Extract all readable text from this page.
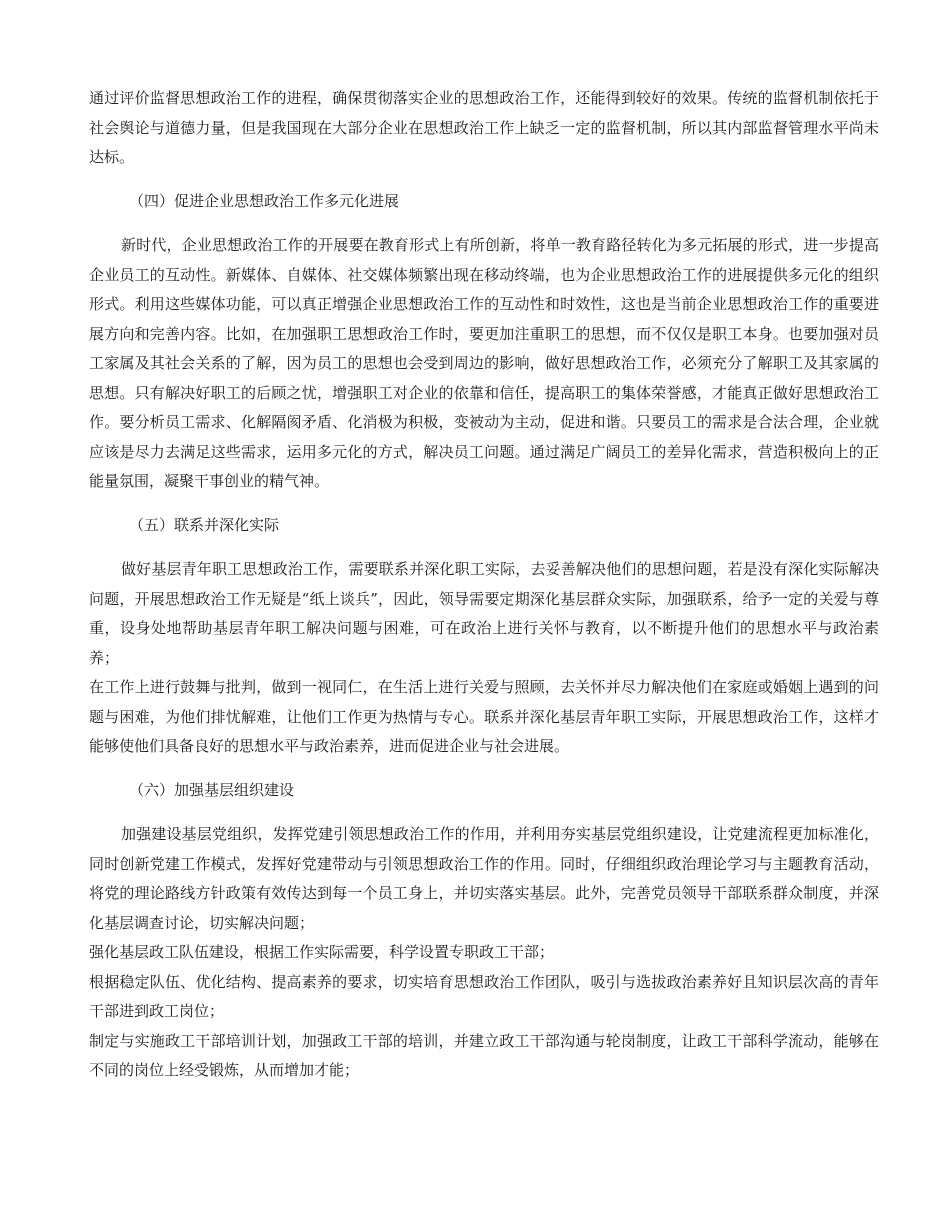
通过评价监督思想政治工作的进程，确保贯彻落实企业的思想政治工作，还能得到较好的效果。传统的监督机制依托于社会舆论与道德力量，但是我国现在大部分企业在思想政治工作上缺乏一定的监督机制，所以其内部监督管理水平尚未达标。

（四）促进企业思想政治工作多元化进展

新时代，企业思想政治工作的开展要在教育形式上有所创新，将单一教育路径转化为多元拓展的形式，进一步提高企业员工的互动性。新媒体、自媒体、社交媒体频繁出现在移动终端，也为企业思想政治工作的进展提供多元化的组织形式。利用这些媒体功能，可以真正增强企业思想政治工作的互动性和时效性，这也是当前企业思想政治工作的重要进展方向和完善内容。比如，在加强职工思想政治工作时，要更加注重职工的思想，而不仅仅是职工本身。也要加强对员工家属及其社会关系的了解，因为员工的思想也会受到周边的影响，做好思想政治工作，必须充分了解职工及其家属的思想。只有解决好职工的后顾之忧，增强职工对企业的依靠和信任，提高职工的集体荣誉感，才能真正做好思想政治工作。要分析员工需求、化解隔阂矛盾、化消极为积极，变被动为主动，促进和谐。只要员工的需求是合法合理，企业就应该是尽力去满足这些需求，运用多元化的方式，解决员工问题。通过满足广阔员工的差异化需求，营造积极向上的正能量氛围，凝聚干事创业的精气神。

（五）联系并深化实际

做好基层青年职工思想政治工作，需要联系并深化职工实际，去妥善解决他们的思想问题，若是没有深化实际解决问题，开展思想政治工作无疑是“纸上谈兵”，因此，领导需要定期深化基层群众实际，加强联系，给予一定的关爱与尊重，设身处地帮助基层青年职工解决问题与困难，可在政治上进行关怀与教育，以不断提升他们的思想水平与政治素养；

在工作上进行鼓舞与批判，做到一视同仁，在生活上进行关爱与照顾，去关怀并尽力解决他们在家庭或婚姻上遇到的问题与困难，为他们排忧解难，让他们工作更为热情与专心。联系并深化基层青年职工实际，开展思想政治工作，这样才能够使他们具备良好的思想水平与政治素养，进而促进企业与社会进展。

（六）加强基层组织建设

加强建设基层党组织，发挥党建引领思想政治工作的作用，并利用夯实基层党组织建设，让党建流程更加标准化，同时创新党建工作模式，发挥好党建带动与引领思想政治工作的作用。同时，仔细组织政治理论学习与主题教育活动，将党的理论路线方针政策有效传达到每一个员工身上，并切实落实基层。此外，完善党员领导干部联系群众制度，并深化基层调查讨论，切实解决问题；

强化基层政工队伍建设，根据工作实际需要，科学设置专职政工干部；

根据稳定队伍、优化结构、提高素养的要求，切实培育思想政治工作团队，吸引与选拔政治素养好且知识层次高的青年干部进到政工岗位；

制定与实施政工干部培训计划，加强政工干部的培训，并建立政工干部沟通与轮岗制度，让政工干部科学流动，能够在不同的岗位上经受锻炼，从而增加才能；
